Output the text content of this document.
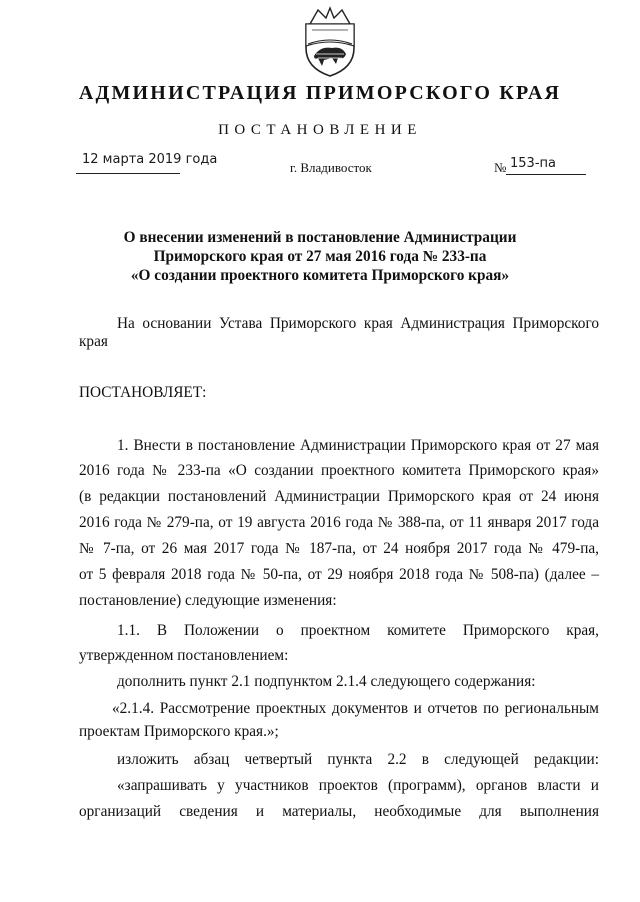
АДМИНИСТРАЦИЯ ПРИМОРСКОГО КРАЯ
ПОСТАНОВЛЕНИЕ
12 марта 2019 года
г. Владивосток	№ 153-па
О внесении изменений в постановление Администрации
Приморского края от 27 мая 2016 года № 233-па
«О создании проектного комитета Приморского края»
На основании Устава Приморского края Администрация Приморского
края
ПОСТАНОВЛЯЕТ:
1. Внести в постановление Администрации Приморского края от 27 мая
2016 года № 233-па «О создании проектного комитета Приморского края»
(в редакции постановлений Администрации Приморского края от 24 июня
2016 года № 279-па, от 19 августа 2016 года № 388-па, от 11 января 2017 года
№ 7-па, от 26 мая 2017 года № 187-па, от 24 ноября 2017 года № 479-па,
от 5 февраля 2018 года № 50-па, от 29 ноября 2018 года № 508-па) (далее –
постановление) следующие изменения:
1.1. В Положении о проектном комитете Приморского края,
утвержденном постановлением:
дополнить пункт 2.1 подпунктом 2.1.4 следующего содержания:
«2.1.4. Рассмотрение проектных документов и отчетов по региональным
проектам Приморского края.»;
изложить абзац четвертый пункта 2.2 в следующей редакции:
«запрашивать у участников проектов (программ), органов власти и
организаций сведения и материалы, необходимые для выполнения
